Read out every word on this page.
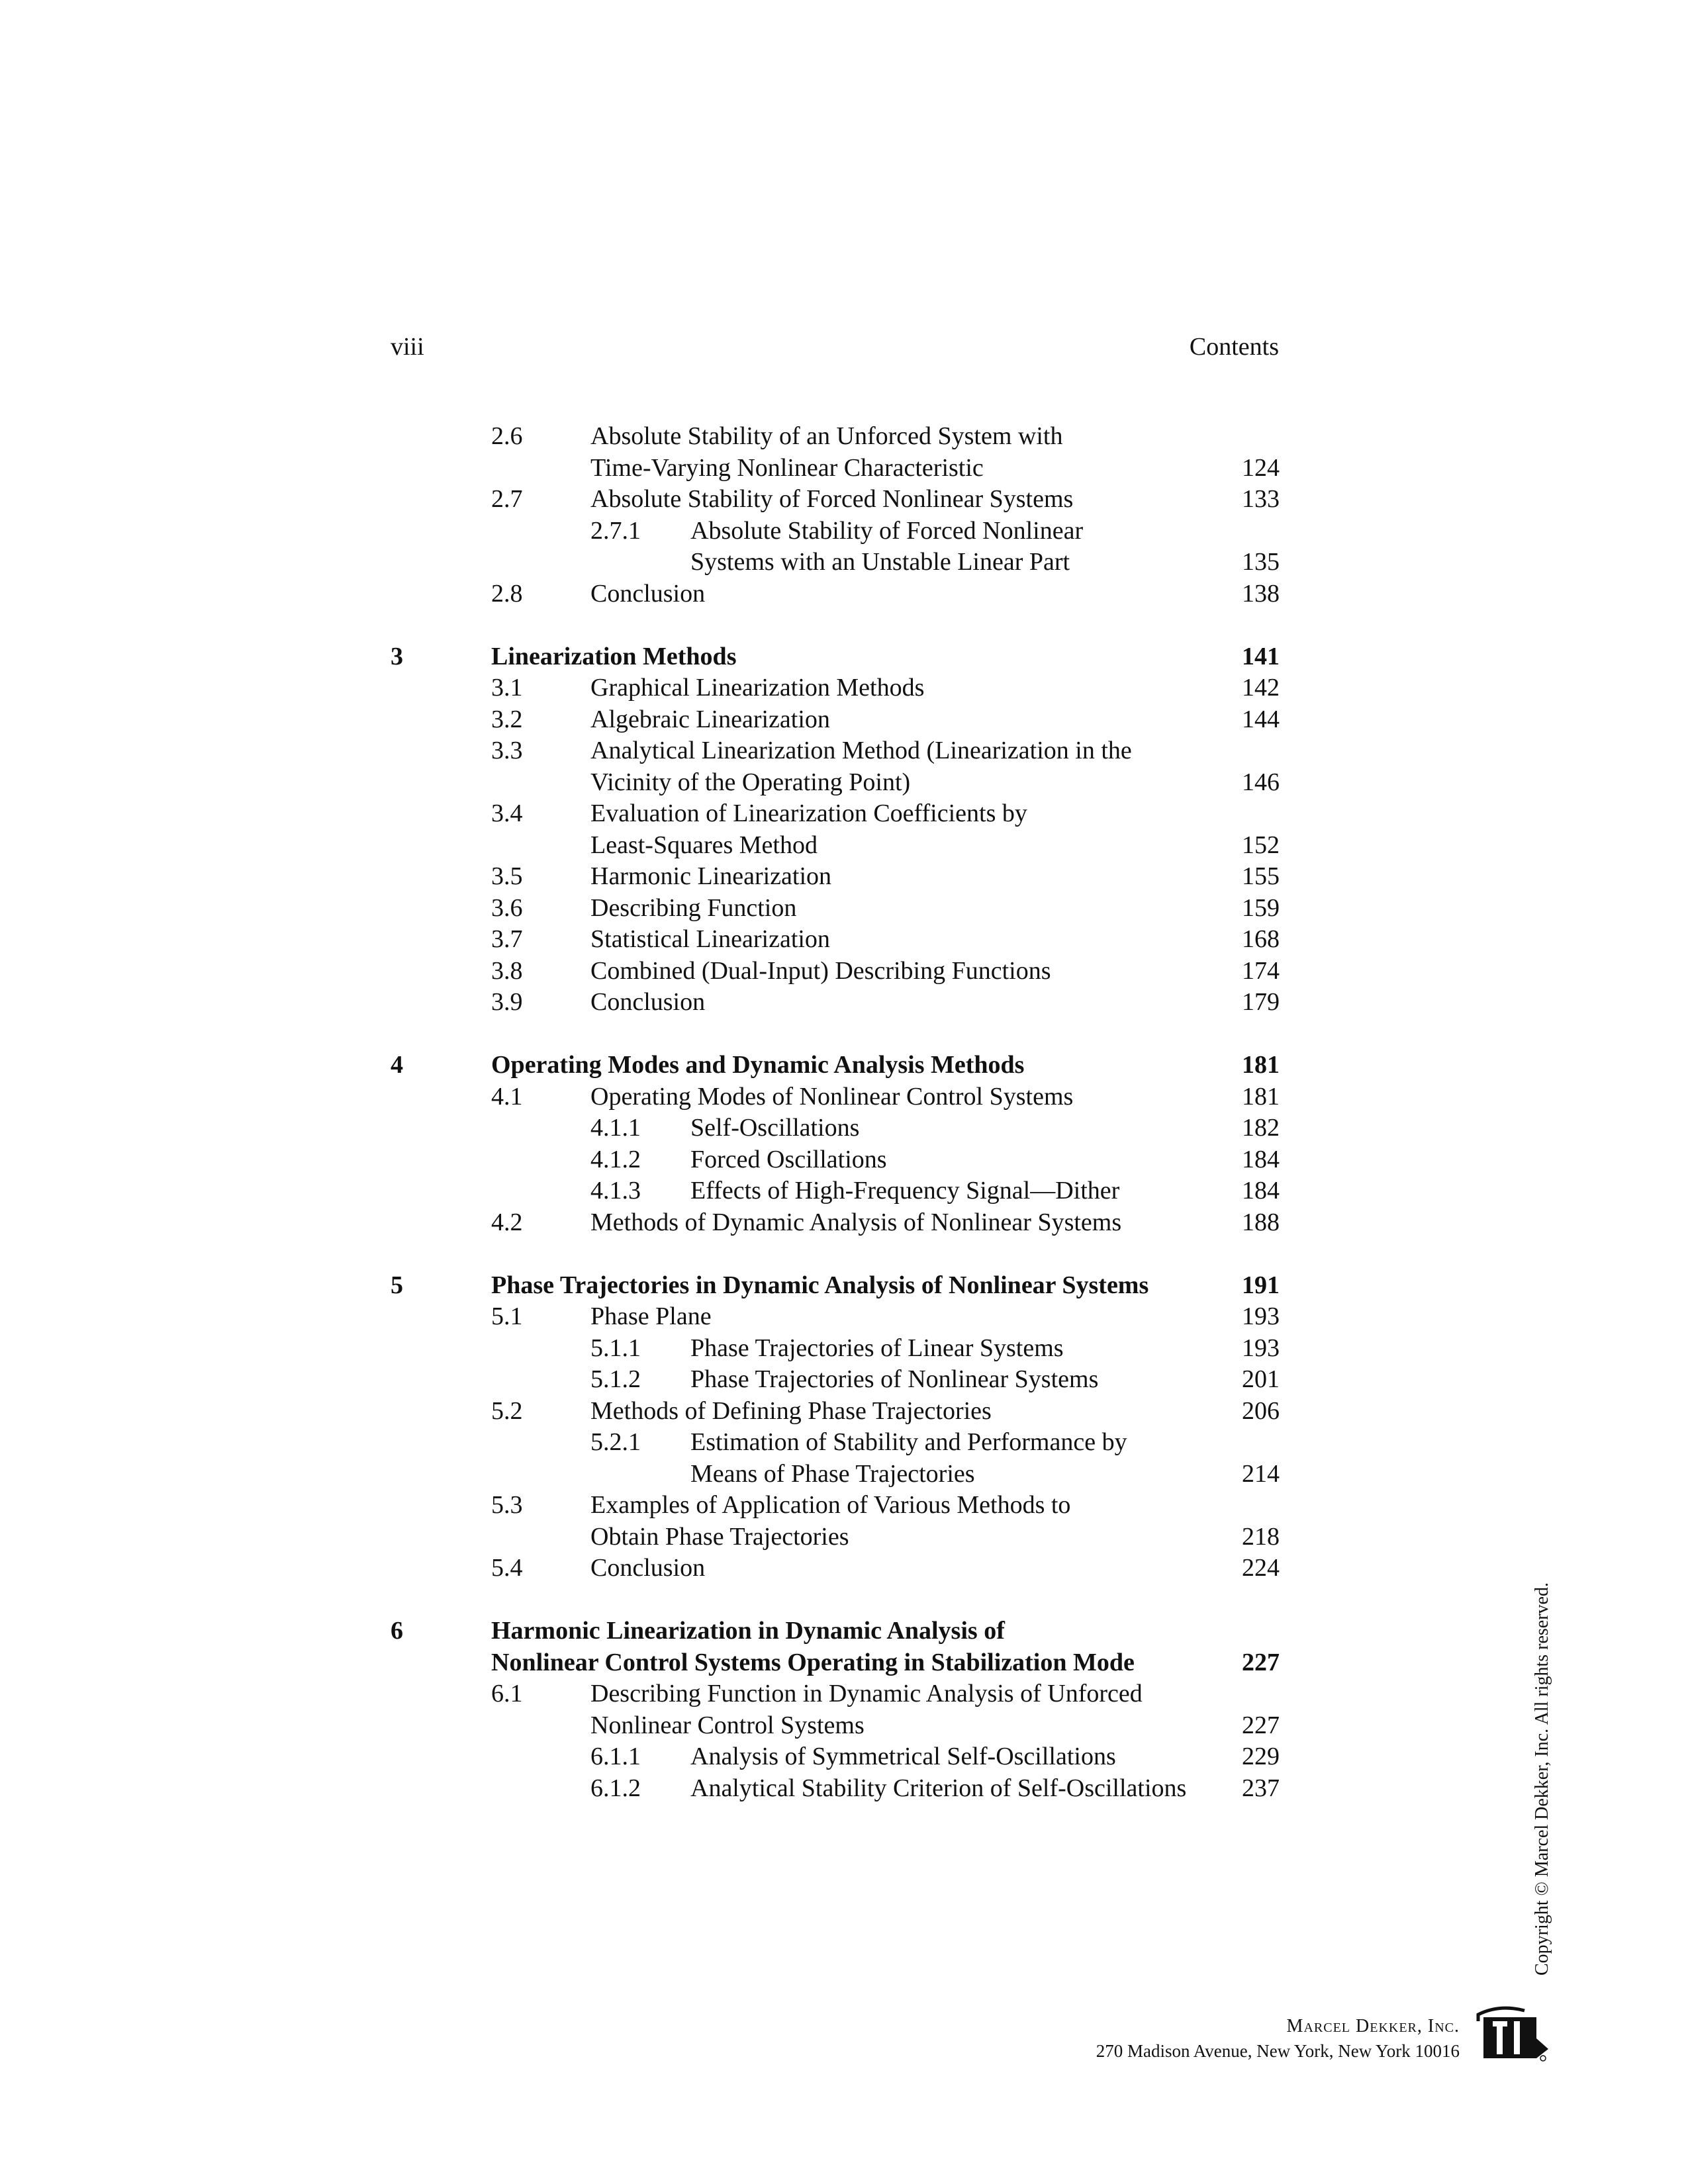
viii	Contents
2.6	Absolute Stability of an Unforced System with
Time-Varying Nonlinear Characteristic	124
2.7	Absolute Stability of Forced Nonlinear Systems	133
2.7.1 Absolute Stability of Forced Nonlinear
Systems with an Unstable Linear Part	135
2.8	Conclusion	138
3	Linearization Methods	141
3.1	Graphical Linearization Methods	142
3.2	Algebraic Linearization	144
3.3	Analytical Linearization Method (Linearization in the
Vicinity of the Operating Point)	146
3.4	Evaluation of Linearization Coefficients by
Least-Squares Method	152
3.5	Harmonic Linearization	155
3.6	Describing Function	159
3.7	Statistical Linearization	168
3.8	Combined (Dual-Input) Describing Functions	174
3.9	Conclusion	179
4	Operating Modes and Dynamic Analysis Methods	181
4.1	Operating Modes of Nonlinear Control Systems	181
4.1.1 Self-Oscillations	182
4.1.2 Forced Oscillations	184
4.1.3 Effects of High-Frequency Signal—Dither	184
4.2	Methods of Dynamic Analysis of Nonlinear Systems	188
5	Phase Trajectories in Dynamic Analysis of Nonlinear Systems	191
5.1	Phase Plane	193
5.1.1 Phase Trajectories of Linear Systems	193
5.1.2 Phase Trajectories of Nonlinear Systems	201
5.2	Methods of Defining Phase Trajectories	206
5.2.1 Estimation of Stability and Performance by
Means of Phase Trajectories	214
5.3	Examples of Application of Various Methods to
Obtain Phase Trajectories	218
5.4	Conclusion	224
6	Harmonic Linearization in Dynamic Analysis of
Nonlinear Control Systems Operating in Stabilization Mode	227
6.1	Describing Function in Dynamic Analysis of Unforced
Nonlinear Control Systems	227
6.1.1 Analysis of Symmetrical Self-Oscillations	229
6.1.2 Analytical Stability Criterion of Self-Oscillations 237	Copyright © Marcel Dekker, Inc. All rights reserved.
Marcel Dekker, Inc.
270 Madison Avenue, New York, New York 10016
